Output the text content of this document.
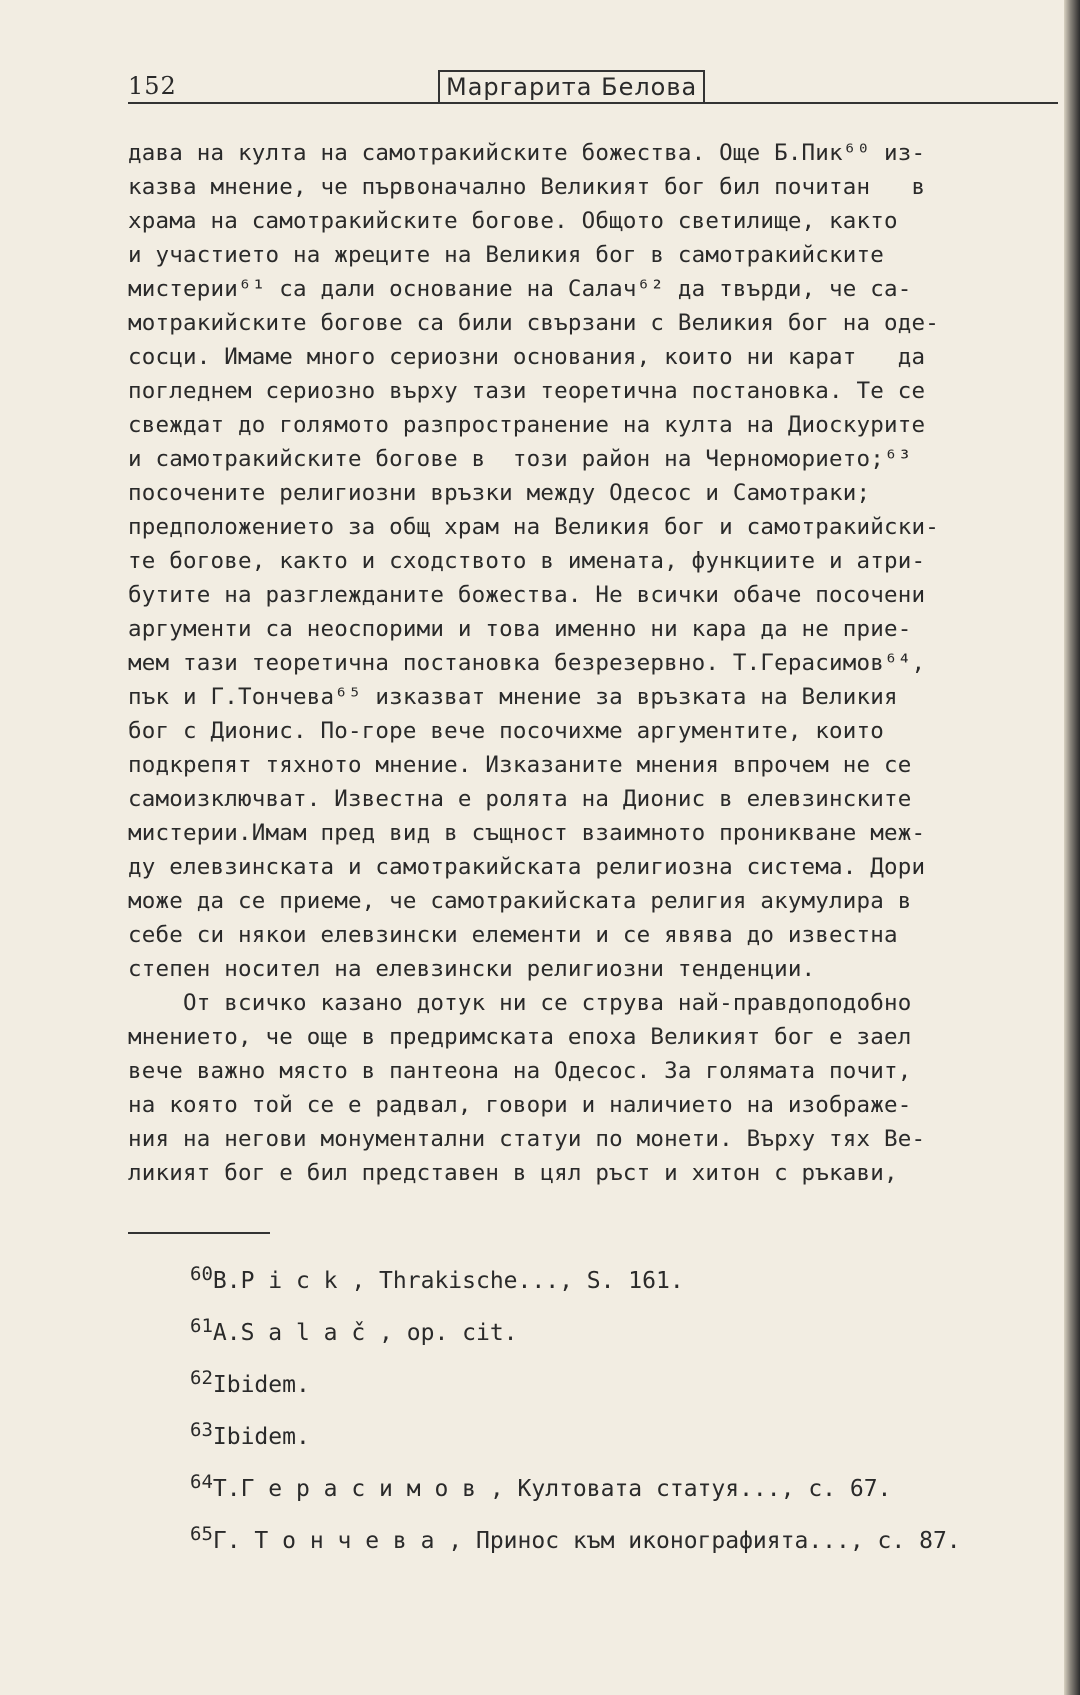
152	Маргарита Белова
дава на култа на самотракийските божества. Още Б.Пик⁶⁰ из-
казва мнение, че първоначално Великият бог бил почитан   в
храма на самотракийските богове. Общото светилище, както
и участието на жреците на Великия бог в самотракийските
мистерии⁶¹ са дали основание на Салач⁶² да твърди, че са-
мотракийските богове са били свързани с Великия бог на оде-
сосци. Имаме много сериозни основания, които ни карат   да
погледнем сериозно върху тази теоретична постановка. Те се
свеждат до голямото разпространение на култа на Диоскурите
и самотракийските богове в  този район на Черноморието;⁶³
посочените религиозни връзки между Одесос и Самотраки;
предположението за общ храм на Великия бог и самотракийски-
те богове, както и сходството в имената, функциите и атри-
бутите на разглежданите божества. Не всички обаче посочени
аргументи са неоспорими и това именно ни кара да не прие-
мем тази теоретична постановка безрезервно. Т.Герасимов⁶⁴,
пък и Г.Тончева⁶⁵ изказват мнение за връзката на Великия
бог с Дионис. По-горе вече посочихме аргументите, които
подкрепят тяхното мнение. Изказаните мнения впрочем не се
самоизключват. Известна е ролята на Дионис в елевзинските
мистерии.Имам пред вид в същност взаимното проникване меж-
ду елевзинската и самотракийската религиозна система. Дори
може да се приеме, че самотракийската религия акумулира в
себе си някои елевзински елементи и се явява до известна
степен носител на елевзински религиозни тенденции.
От всичко казано дотук ни се струва най-правдоподобно
мнението, че още в предримската епоха Великият бог е заел
вече важно място в пантеона на Одесос. За голямата почит,
на която той се е радвал, говори и наличието на изображе-
ния на негови монументални статуи по монети. Върху тях Ве-
ликият бог е бил представен в цял ръст и хитон с ръкави,
$^{60}$B.P i c k , Thrakische..., S. 161.
$^{61}$A.S a l a č , op. cit.
$^{62}$Ibidem.
$^{63}$Ibidem.
$^{64}$Т.Г е р а с и м о в , Култовата статуя..., с. 67.
$^{65}$Г. Т о н ч е в а , Принос към иконографията..., с. 87.
